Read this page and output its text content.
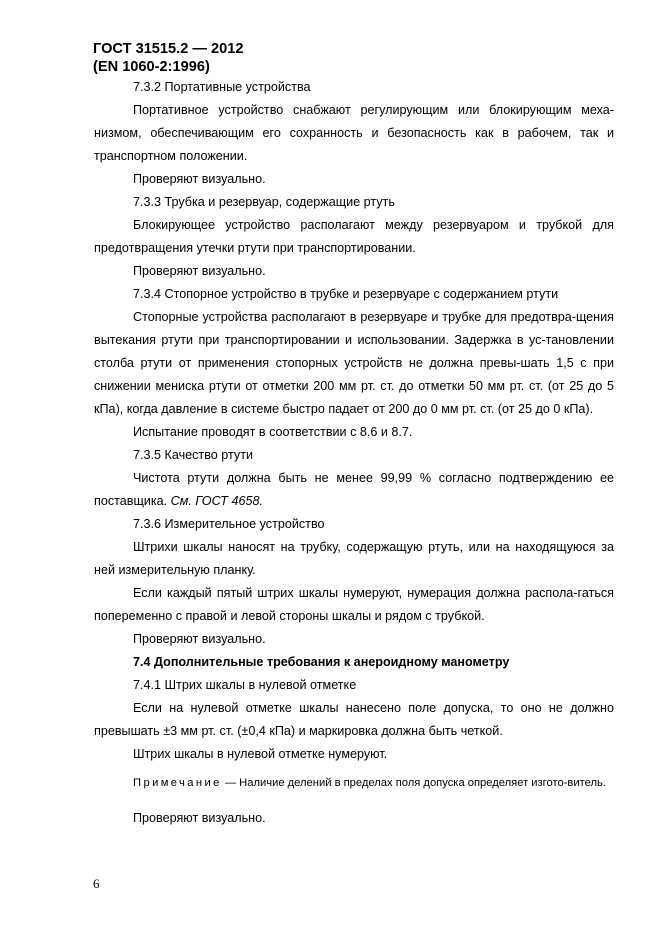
ГОСТ 31515.2 — 2012
(EN 1060-2:1996)

7.3.2 Портативные устройства

Портативное устройство снабжают регулирующим или блокирующим меха-низмом, обеспечивающим его сохранность и безопасность как в рабочем, так и транспортном положении.

Проверяют визуально.

7.3.3 Трубка и резервуар, содержащие ртуть

Блокирующее устройство располагают между резервуаром и трубкой для предотвращения утечки ртути при транспортировании.

Проверяют визуально.

7.3.4 Стопорное устройство в трубке и резервуаре с содержанием ртути

Стопорные устройства располагают в резервуаре и трубке для предотвра-щения вытекания ртути при транспортировании и использовании. Задержка в ус-тановлении столба ртути от применения стопорных устройств не должна превы-шать 1,5 с при снижении мениска ртути от отметки 200 мм рт. ст. до отметки 50 мм рт. ст. (от 25 до 5 кПа), когда давление в системе быстро падает от 200 до 0 мм рт. ст. (от 25 до 0 кПа).

Испытание проводят в соответствии с 8.6 и 8.7.

7.3.5 Качество ртути

Чистота ртути должна быть не менее 99,99 % согласно подтверждению ее поставщика. См. ГОСТ 4658.

7.3.6 Измерительное устройство

Штрихи шкалы наносят на трубку, содержащую ртуть, или на находящуюся за ней измерительную планку.

Если каждый пятый штрих шкалы нумеруют, нумерация должна распола-гаться попеременно с правой и левой стороны шкалы и рядом с трубкой.

Проверяют визуально.

7.4 Дополнительные требования к анероидному манометру

7.4.1 Штрих шкалы в нулевой отметке

Если на нулевой отметке шкалы нанесено поле допуска, то оно не должно превышать ±3 мм рт. ст. (±0,4 кПа) и маркировка должна быть четкой.

Штрих шкалы в нулевой отметке нумеруют.

Примечание — Наличие делений в пределах поля допуска определяет изгото-витель.

Проверяют визуально.

6
